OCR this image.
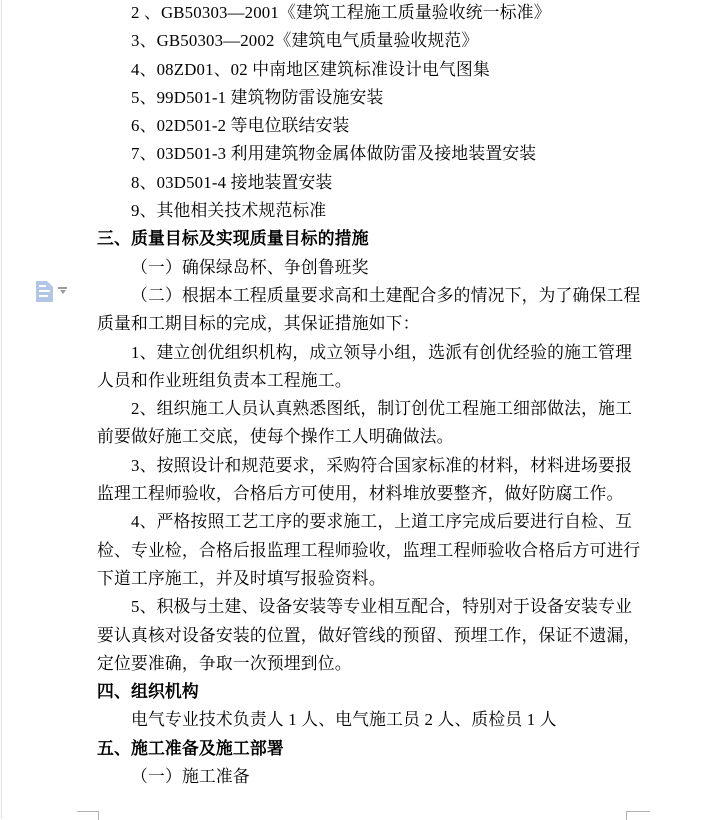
2 、GB50303—2001《建筑工程施工质量验收统一标准》
3、GB50303—2002《建筑电气质量验收规范》
4、08ZD01、02 中南地区建筑标准设计电气图集
5、99D501-1 建筑物防雷设施安装
6、02D501-2 等电位联结安装
7、03D501-3 利用建筑物金属体做防雷及接地装置安装
8、03D501-4 接地装置安装
9、其他相关技术规范标准
三、质量目标及实现质量目标的措施
（一）确保绿岛杯、争创鲁班奖
（二）根据本工程质量要求高和土建配合多的情况下，为了确保工程
质量和工期目标的完成，其保证措施如下：
1、建立创优组织机构，成立领导小组，选派有创优经验的施工管理
人员和作业班组负责本工程施工。
2、组织施工人员认真熟悉图纸，制订创优工程施工细部做法，施工
前要做好施工交底，使每个操作工人明确做法。
3、按照设计和规范要求，采购符合国家标准的材料，材料进场要报
监理工程师验收，合格后方可使用，材料堆放要整齐，做好防腐工作。
4、严格按照工艺工序的要求施工，上道工序完成后要进行自检、互
检、专业检，合格后报监理工程师验收，监理工程师验收合格后方可进行
下道工序施工，并及时填写报验资料。
5、积极与土建、设备安装等专业相互配合，特别对于设备安装专业
要认真核对设备安装的位置，做好管线的预留、预埋工作，保证不遗漏，
定位要准确，争取一次预埋到位。
四、组织机构
电气专业技术负责人 1 人、电气施工员 2 人、质检员 1 人
五、施工准备及施工部署
（一）施工准备
